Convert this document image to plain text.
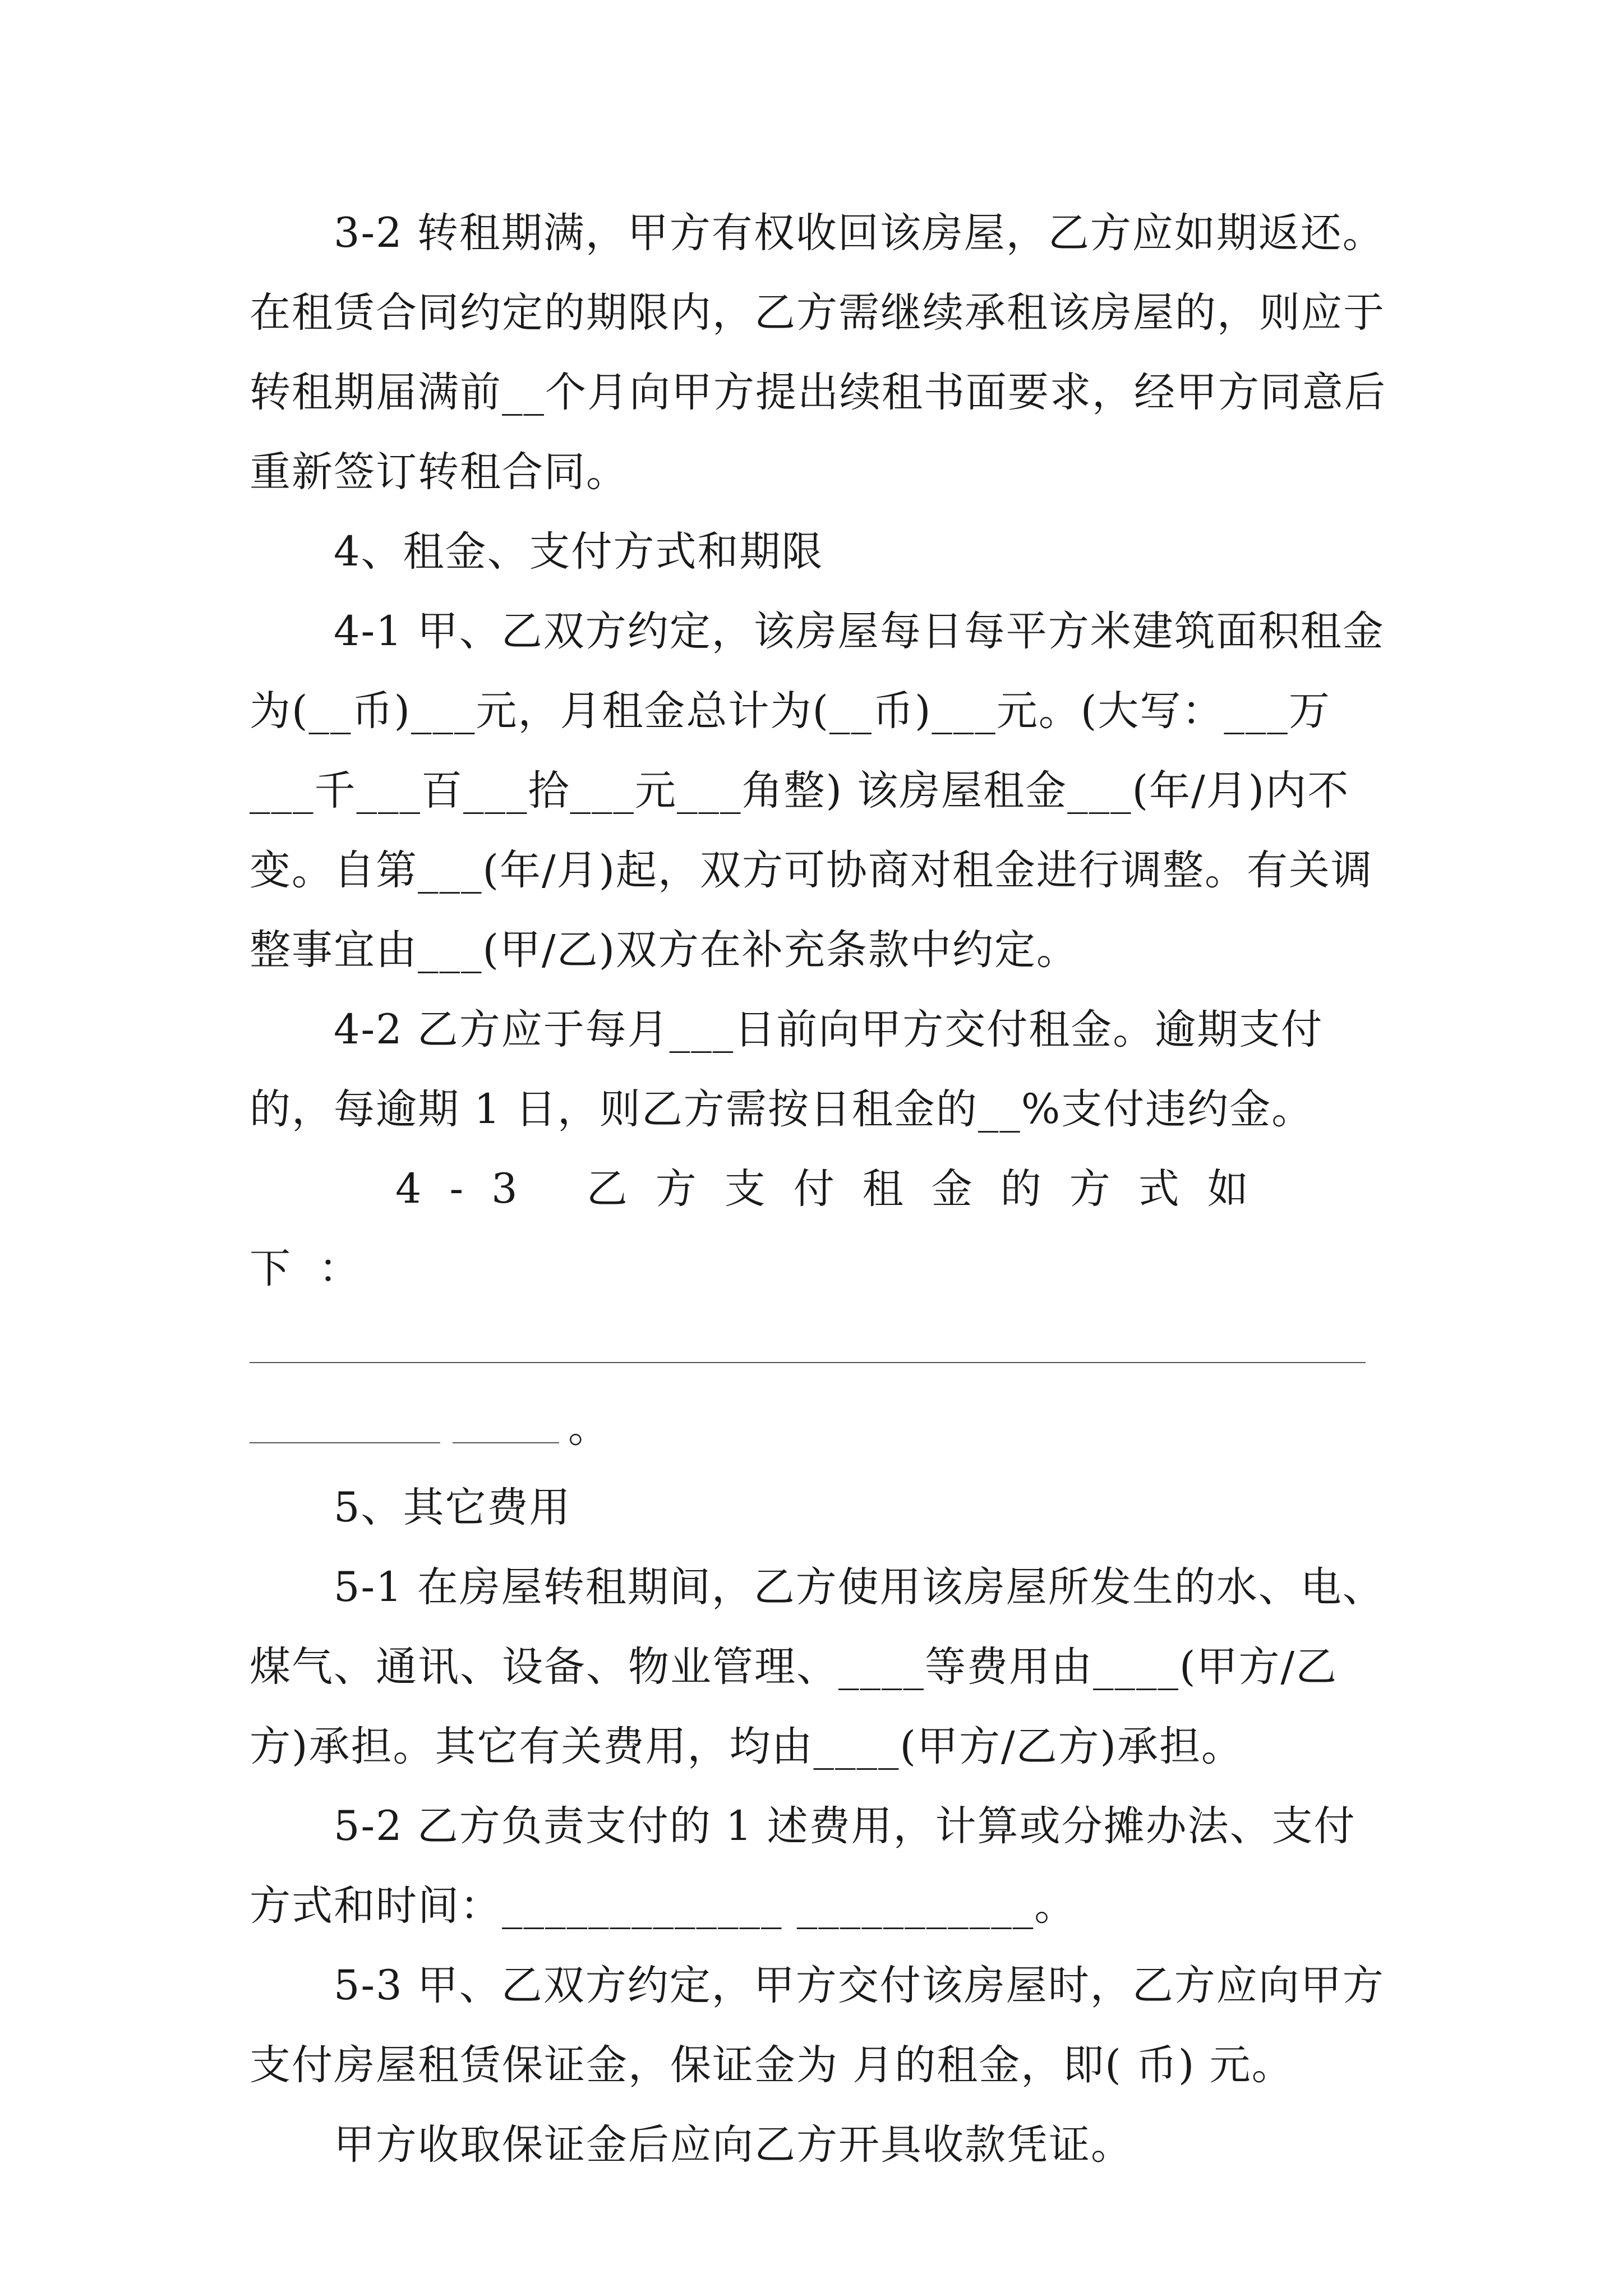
3-2 转租期满，甲方有权收回该房屋，乙方应如期返还。在租赁合同约定的期限内，乙方需继续承租该房屋的，则应于转租期届满前__个月向甲方提出续租书面要求，经甲方同意后重新签订转租合同。

4、租金、支付方式和期限

4-1 甲、乙双方约定，该房屋每日每平方米建筑面积租金为(__币)___元，月租金总计为(__币)___元。(大写：___万___千___百___拾___元___角整) 该房屋租金___(年/月)内不变。自第___(年/月)起，双方可协商对租金进行调整。有关调整事宜由___(甲/乙)双方在补充条款中约定。

4-2 乙方应于每月___日前向甲方交付租金。逾期支付的，每逾期 1 日，则乙方需按日租金的__%支付违约金。

4-3 乙方支付租金的方式如下：

。

5、其它费用

5-1 在房屋转租期间，乙方使用该房屋所发生的水、电、煤气、通讯、设备、物业管理、____等费用由____(甲方/乙方)承担。其它有关费用，均由____(甲方/乙方)承担。

5-2 乙方负责支付的 1 述费用，计算或分摊办法、支付方式和时间：_____________ ___________。

5-3 甲、乙双方约定，甲方交付该房屋时，乙方应向甲方支付房屋租赁保证金，保证金为 月的租金，即( 币) 元。

甲方收取保证金后应向乙方开具收款凭证。
